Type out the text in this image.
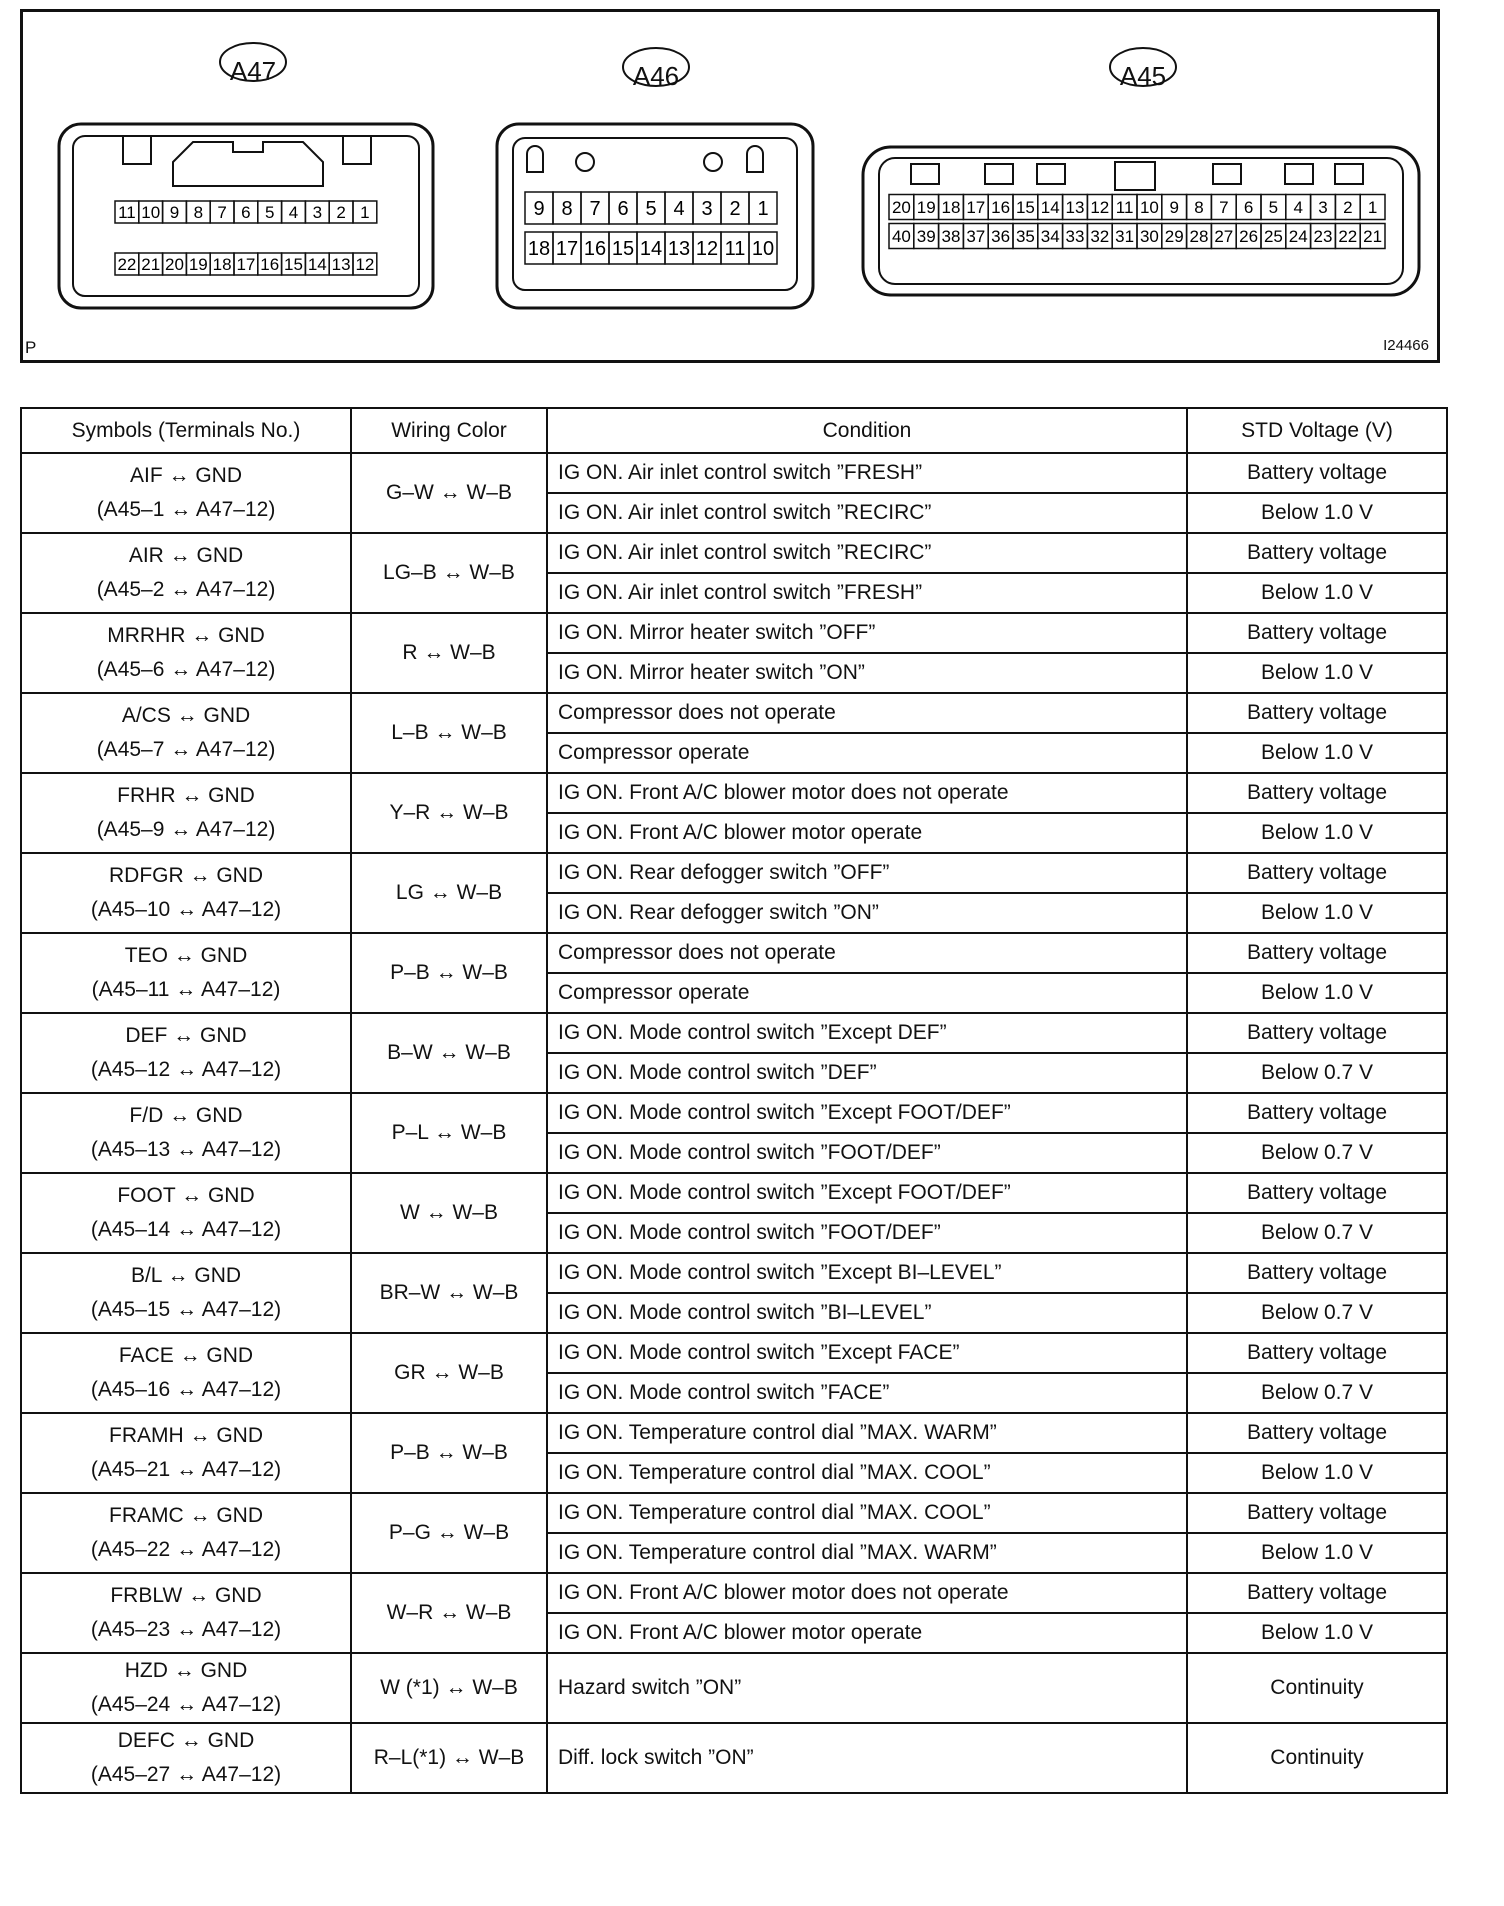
11 10 9 8 7 6 5 4 3 2 1
22 21 20 19 18 17 16 15 14 13 12
9 8 7 6 5 4 3 2 1
18 17 16 15 14 13 12 11 10
20 19 18 17 16 15 14 13 12 11 10 9 8 7 6 5 4 3 2 1
40 39 38 37 36 35 34 33 32 31 30 29 28 27 26 25 24 23 22 21
A47	A46	A45
P	I24466
Symbols (Terminals No.)	Wiring Color	Condition	STD Voltage (V)

AIF ↔ GND
(A45–1 ↔ A47–12)	G–W ↔ W–B	IG ON. Air inlet control switch ”FRESH”	Battery voltage
		IG ON. Air inlet control switch ”RECIRC”	Below 1.0 V

AIR ↔ GND
(A45–2 ↔ A47–12)	LG–B ↔ W–B	IG ON. Air inlet control switch ”RECIRC”	Battery voltage
		IG ON. Air inlet control switch ”FRESH”	Below 1.0 V

MRRHR ↔ GND
(A45–6 ↔ A47–12)	R ↔ W–B	IG ON. Mirror heater switch ”OFF”	Battery voltage
		IG ON. Mirror heater switch ”ON”	Below 1.0 V

A/CS ↔ GND
(A45–7 ↔ A47–12)	L–B ↔ W–B	Compressor does not operate	Battery voltage
		Compressor operate	Below 1.0 V

FRHR ↔ GND
(A45–9 ↔ A47–12)	Y–R ↔ W–B	IG ON. Front A/C blower motor does not operate	Battery voltage
		IG ON. Front A/C blower motor operate	Below 1.0 V

RDFGR ↔ GND
(A45–10 ↔ A47–12)	LG ↔ W–B	IG ON. Rear defogger switch ”OFF”	Battery voltage
		IG ON. Rear defogger switch ”ON”	Below 1.0 V

TEO ↔ GND
(A45–11 ↔ A47–12)	P–B ↔ W–B	Compressor does not operate	Battery voltage
		Compressor operate	Below 1.0 V

DEF ↔ GND
(A45–12 ↔ A47–12)	B–W ↔ W–B	IG ON. Mode control switch ”Except DEF”	Battery voltage
		IG ON. Mode control switch ”DEF”	Below 0.7 V

F/D ↔ GND
(A45–13 ↔ A47–12)	P–L ↔ W–B	IG ON. Mode control switch ”Except FOOT/DEF”	Battery voltage
		IG ON. Mode control switch ”FOOT/DEF”	Below 0.7 V

FOOT ↔ GND
(A45–14 ↔ A47–12)	W ↔ W–B	IG ON. Mode control switch ”Except FOOT/DEF”	Battery voltage
		IG ON. Mode control switch ”FOOT/DEF”	Below 0.7 V

B/L ↔ GND
(A45–15 ↔ A47–12)	BR–W ↔ W–B	IG ON. Mode control switch ”Except BI–LEVEL”	Battery voltage
		IG ON. Mode control switch ”BI–LEVEL”	Below 0.7 V

FACE ↔ GND
(A45–16 ↔ A47–12)	GR ↔ W–B	IG ON. Mode control switch ”Except FACE”	Battery voltage
		IG ON. Mode control switch ”FACE”	Below 0.7 V

FRAMH ↔ GND
(A45–21 ↔ A47–12)	P–B ↔ W–B	IG ON. Temperature control dial ”MAX. WARM”	Battery voltage
		IG ON. Temperature control dial ”MAX. COOL”	Below 1.0 V

FRAMC ↔ GND
(A45–22 ↔ A47–12)	P–G ↔ W–B	IG ON. Temperature control dial ”MAX. COOL”	Battery voltage
		IG ON. Temperature control dial ”MAX. WARM”	Below 1.0 V

FRBLW ↔ GND
(A45–23 ↔ A47–12)	W–R ↔ W–B	IG ON. Front A/C blower motor does not operate	Battery voltage
		IG ON. Front A/C blower motor operate	Below 1.0 V

HZD ↔ GND
(A45–24 ↔ A47–12)	W (*1) ↔ W–B	Hazard switch ”ON”	Continuity

DEFC ↔ GND
(A45–27 ↔ A47–12)	R–L(*1) ↔ W–B	Diff. lock switch ”ON”	Continuity
